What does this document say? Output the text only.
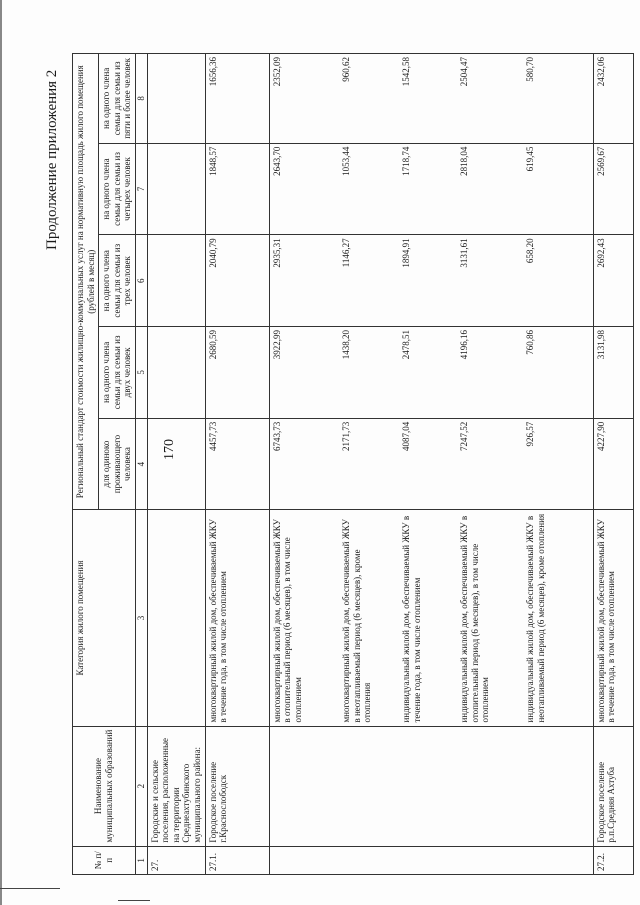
170
Продолжение приложения 2
№ п/п	Наименование муниципальных образований	Категория жилого помещения	Региональный стандарт стоимости жилищно-коммунальных услуг на нормативную площадь жилого помещения (рублей в месяц)				
			для одиноко проживающего человека	на одного члена семьи для семьи из двух человек	на одного члена семьи для семьи из трех человек	на одного члена семьи для семьи из четырех человек	на одного члена семьи для семьи из пяти и более человек
1	2	3	4	5	6	7	8
27.	Городские и сельские поселения, расположенные на территории Среднеахтубинского муниципального района:						
27.1.	Городское поселение г.Краснослободск	многоквартирный жилой дом, обеспечиваемый ЖКУ в течение года, в том числе отоплением	4457,73	2680,59	2040,79	1848,57	1656,36
		многоквартирный жилой дом, обеспечиваемый ЖКУ в отопительный период (6 месяцев), в том числе отоплением	6743,73	3922,99	2935,31	2643,70	2352,09
		многоквартирный жилой дом, обеспечиваемый ЖКУ в неотапливаемый период (6 месяцев), кроме отопления	2171,73	1438,20	1146,27	1053,44	960,62
		индивидуальный жилой дом, обеспечиваемый ЖКУ в течение года, в том числе отоплением	4087,04	2478,51	1894,91	1718,74	1542,58
		индивидуальный жилой дом, обеспечиваемый ЖКУ в отопительный период (6 месяцев), в том числе отоплением	7247,52	4196,16	3131,61	2818,04	2504,47
		индивидуальный жилой дом, обеспечиваемый ЖКУ в неотапливаемый период (6 месяцев), кроме отопления	926,57	760,86	658,20	619,45	580,70
27.2.	Городское поселение р.п.Средняя Ахтуба	многоквартирный жилой дом, обеспечиваемый ЖКУ в течение года, в том числе отоплением	4227,90	3131,98	2692,43	2569,67	2432,06
